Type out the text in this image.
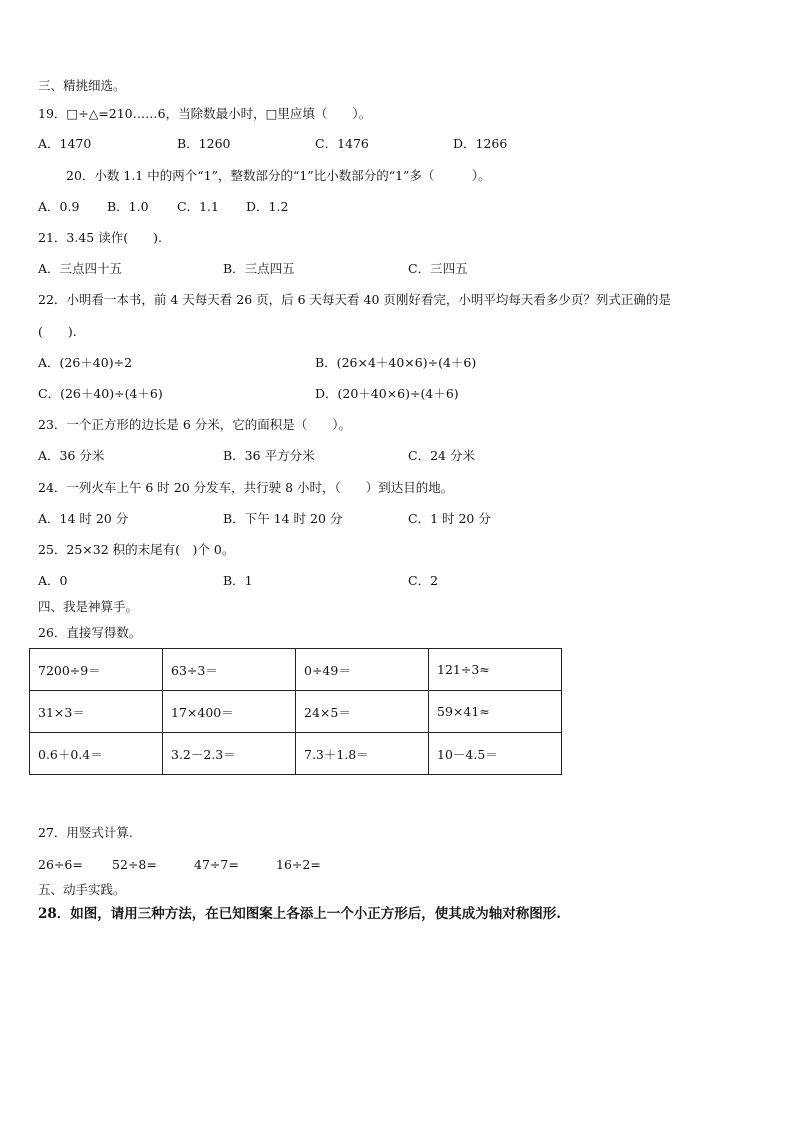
三、精挑细选。
19．□÷△=210……6，当除数最小时，□里应填（　　）。
A．1470	B．1260	C．1476	D．1266
20．小数 1.1 中的两个“1”，整数部分的“1”比小数部分的“1”多（　　　）。
A．0.9 B．1.0 C．1.1 D．1.2
21．3.45 读作(　　).
A．三点四十五	B．三点四五	C．三四五
22．小明看一本书，前 4 天每天看 26 页，后 6 天每天看 40 页刚好看完，小明平均每天看多少页？列式正确的是
(　　).
A．(26＋40)÷2	B．(26×4＋40×6)÷(4＋6)
C．(26＋40)÷(4＋6)	D．(20＋40×6)÷(4＋6)
23．一个正方形的边长是 6 分米，它的面积是（　　）。
A．36 分米	B．36 平方分米	C．24 分米
24．一列火车上午 6 时 20 分发车，共行驶 8 小时，（　　）到达目的地。
A．14 时 20 分	B．下午 14 时 20 分	C．1 时 20 分
25．25×32 积的末尾有(　)个 0。
A．0	B．1	C．2
四、我是神算手。
26．直接写得数。
7200÷9＝	63÷3＝	0÷49＝	121÷3≈
31×3＝	17×400＝	24×5＝	59×41≈
0.6＋0.4＝	3.2－2.3＝	7.3＋1.8＝	10－4.5＝
27．用竖式计算.
26÷6= 52÷8=	47÷7=	16÷2=
五、动手实践。
28．如图，请用三种方法，在已知图案上各添上一个小正方形后，使其成为轴对称图形.
